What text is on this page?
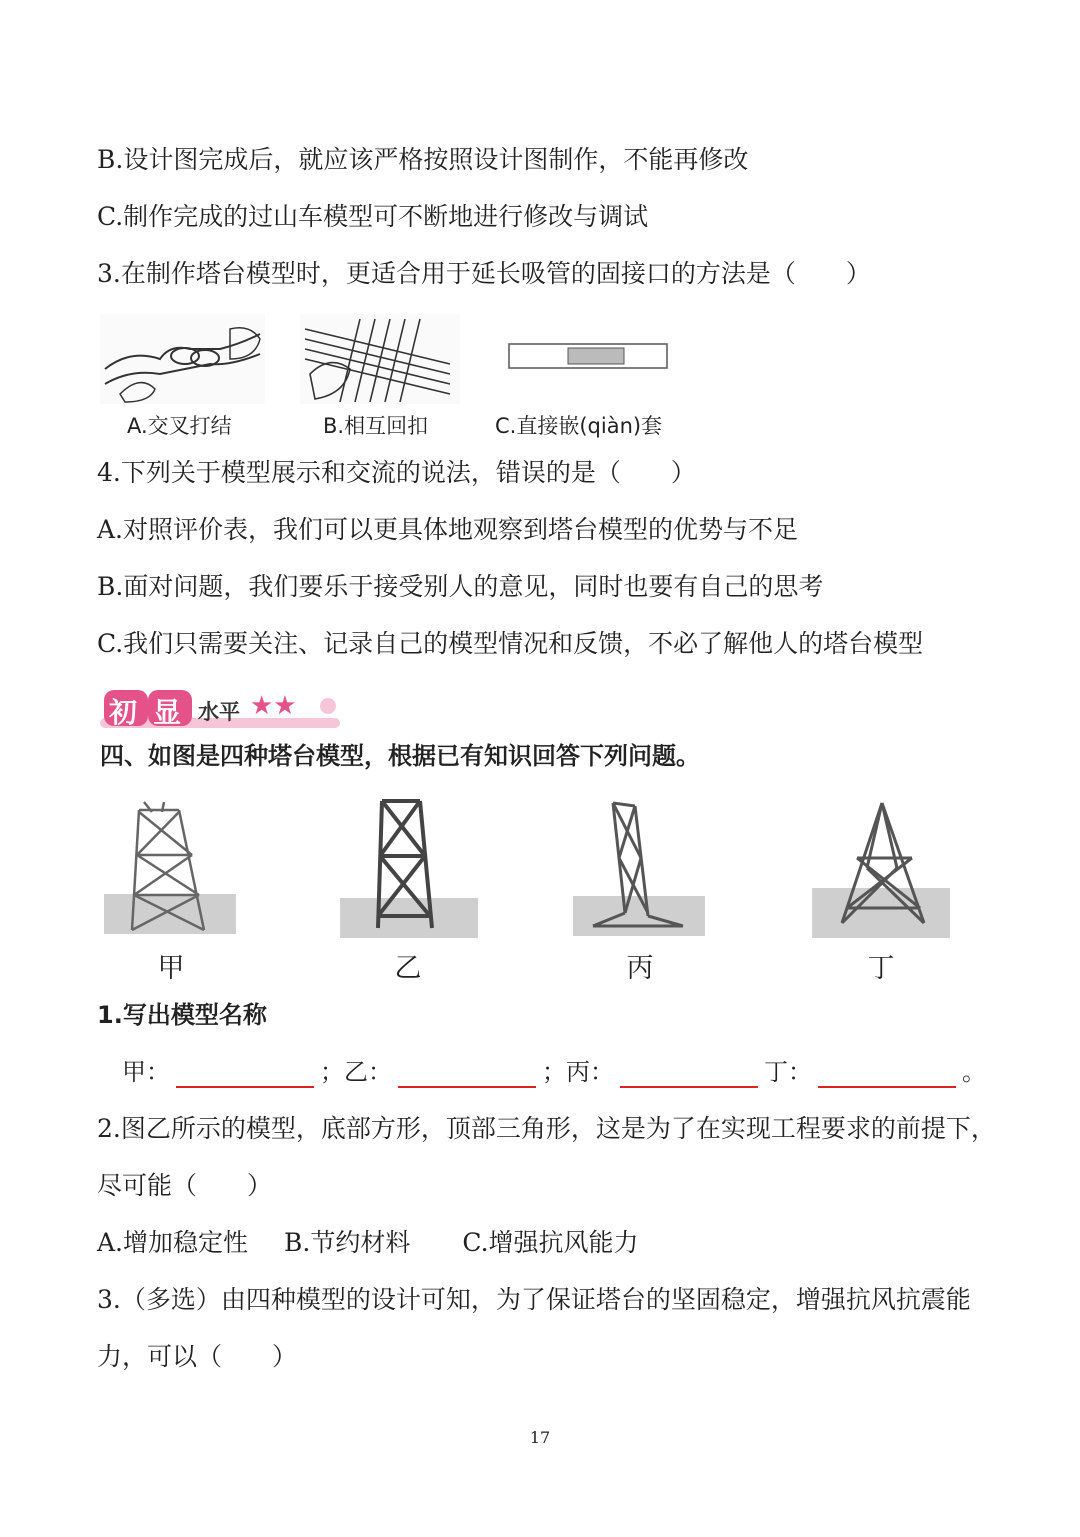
B.设计图完成后，就应该严格按照设计图制作，不能再修改
C.制作完成的过山车模型可不断地进行修改与调试
3.在制作塔台模型时，更适合用于延长吸管的固接口的方法是（　　）
A.交叉打结	B.相互回扣	C.直接嵌(qiàn)套
4.下列关于模型展示和交流的说法，错误的是（　　）
A.对照评价表，我们可以更具体地观察到塔台模型的优势与不足
B.面对问题，我们要乐于接受别人的意见，同时也要有自己的思考
C.我们只需要关注、记录自己的模型情况和反馈，不必了解他人的塔台模型
初 显 水平 ★★
四、如图是四种塔台模型，根据已有知识回答下列问题。
甲	乙	丙	丁
1.写出模型名称
甲：	；乙：	；丙：	丁：	。
2.图乙所示的模型，底部方形，顶部三角形，这是为了在实现工程要求的前提下，
尽可能（　　）
A.增加稳定性 B.节约材料 C.增强抗风能力
3.（多选）由四种模型的设计可知，为了保证塔台的坚固稳定，增强抗风抗震能
力，可以（　　）
17
